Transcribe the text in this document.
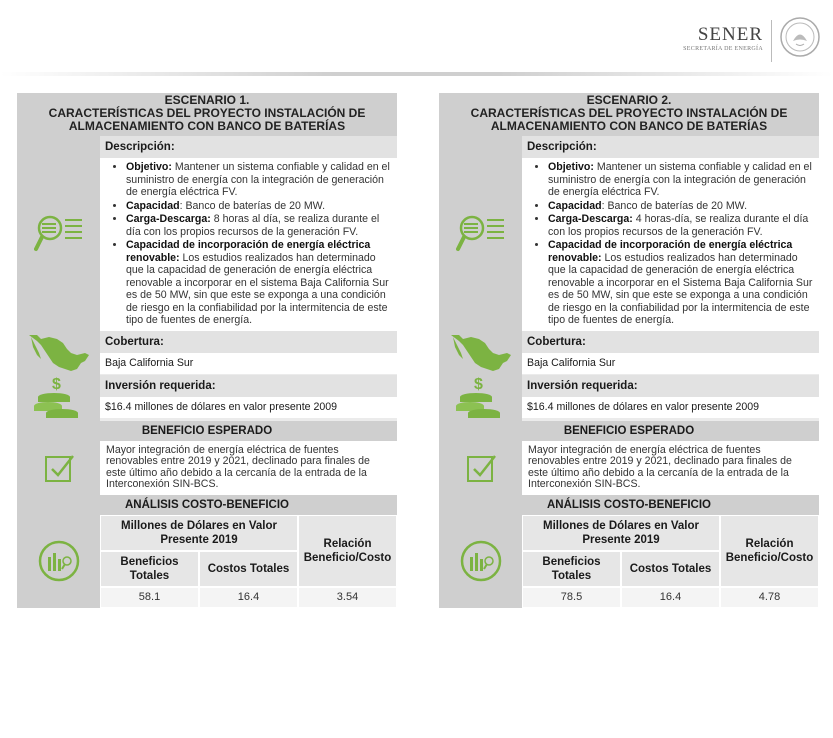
SENER
SECRETARÍA DE ENERGÍA
ESCENARIO 1.
CARACTERÍSTICAS DEL PROYECTO INSTALACIÓN DE
ALMACENAMIENTO CON BANCO DE BATERÍAS
Descripción:
• Objetivo: Mantener un sistema confiable y calidad en el suministro de energía con la integración de generación de energía eléctrica FV.
• Capacidad: Banco de baterías de 20 MW.
• Carga-Descarga: 8 horas al día, se realiza durante el día con los propios recursos de la generación FV.
• Capacidad de incorporación de energía eléctrica renovable: Los estudios realizados han determinado que la capacidad de generación de energía eléctrica renovable a incorporar en el sistema Baja California Sur es de 50 MW, sin que este se exponga a una condición de riesgo en la confiabilidad por la intermitencia de este tipo de fuentes de energía.
Cobertura:
Baja California Sur
$	Inversión requerida:
$16.4 millones de dólares en valor presente 2009
BENEFICIO ESPERADO
Mayor integración de energía eléctrica de fuentes renovables entre 2019 y 2021, declinado para finales de este último año debido a la cercanía de la entrada de la Interconexión SIN-BCS.
ANÁLISIS COSTO-BENEFICIO
Millones de Dólares en Valor Presente 2019	Relación Beneficio/Costo
Beneficios Totales
Costos Totales
58.1	16.4	3.54
ESCENARIO 2.
CARACTERÍSTICAS DEL PROYECTO INSTALACIÓN DE
ALMACENAMIENTO CON BANCO DE BATERÍAS
Descripción:
• Objetivo: Mantener un sistema confiable y calidad en el suministro de energía con la integración de generación de energía eléctrica FV.
• Capacidad: Banco de baterías de 20 MW.
• Carga-Descarga: 4 horas-día, se realiza durante el día con los propios recursos de la generación FV.
• Capacidad de incorporación de energía eléctrica renovable: Los estudios realizados han determinado que la capacidad de generación de energía eléctrica renovable a incorporar en el Sistema Baja California Sur es de 50 MW, sin que este se exponga a una condición de riesgo en la confiabilidad por la intermitencia de este tipo de fuentes de energía.
Cobertura:
Baja California Sur
$	Inversión requerida:
$16.4 millones de dólares en valor presente 2009
BENEFICIO ESPERADO
Mayor integración de energía eléctrica de fuentes renovables entre 2019 y 2021, declinado para finales de este último año debido a la cercanía de la entrada de la Interconexión SIN-BCS.
ANÁLISIS COSTO-BENEFICIO
Millones de Dólares en Valor Presente 2019	Relación Beneficio/Costo
Beneficios Totales
Costos Totales
78.5	16.4	4.78
